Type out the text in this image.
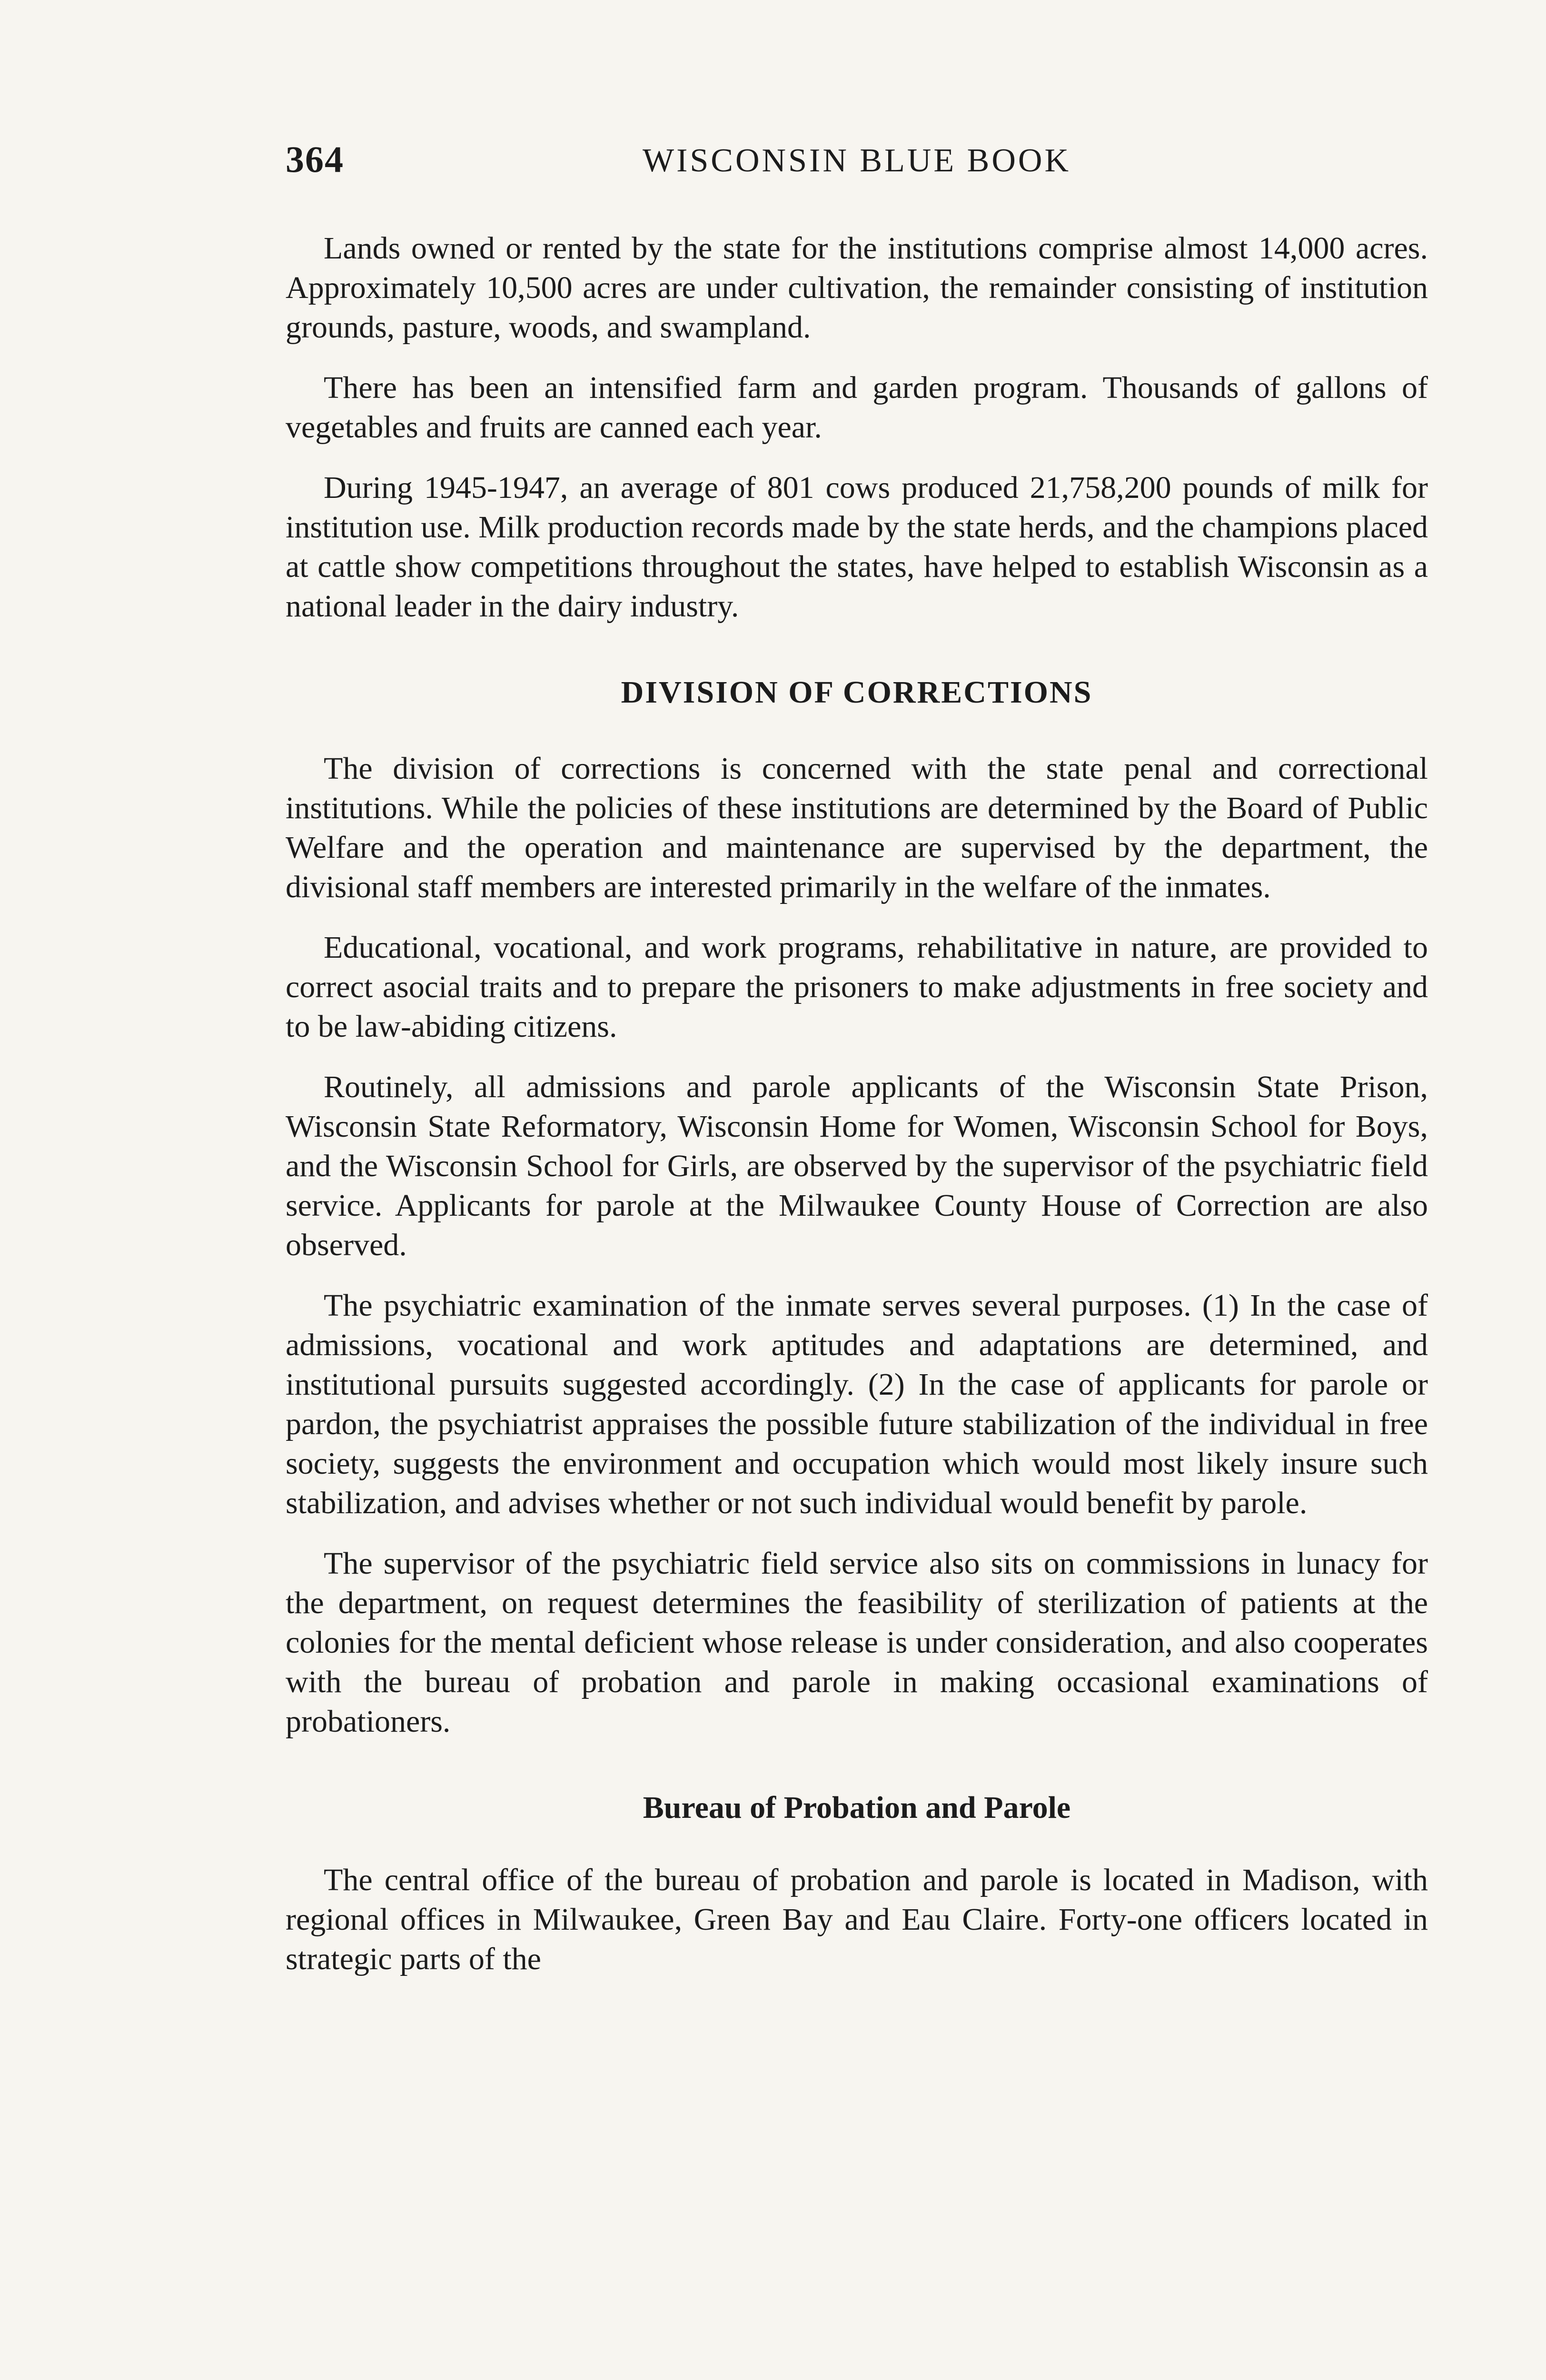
364	WISCONSIN BLUE BOOK

Lands owned or rented by the state for the institutions comprise almost 14,000 acres. Approximately 10,500 acres are under cultivation, the remainder consisting of institution grounds, pasture, woods, and swampland.

There has been an intensified farm and garden program. Thousands of gallons of vegetables and fruits are canned each year.

During 1945-1947, an average of 801 cows produced 21,758,200 pounds of milk for institution use. Milk production records made by the state herds, and the champions placed at cattle show competitions throughout the states, have helped to establish Wisconsin as a national leader in the dairy industry.

DIVISION OF CORRECTIONS

The division of corrections is concerned with the state penal and correctional institutions. While the policies of these institutions are determined by the Board of Public Welfare and the operation and maintenance are supervised by the department, the divisional staff members are interested primarily in the welfare of the inmates.

Educational, vocational, and work programs, rehabilitative in nature, are provided to correct asocial traits and to prepare the prisoners to make adjustments in free society and to be law-abiding citizens.

Routinely, all admissions and parole applicants of the Wisconsin State Prison, Wisconsin State Reformatory, Wisconsin Home for Women, Wisconsin School for Boys, and the Wisconsin School for Girls, are observed by the supervisor of the psychiatric field service. Applicants for parole at the Milwaukee County House of Correction are also observed.

The psychiatric examination of the inmate serves several purposes. (1) In the case of admissions, vocational and work aptitudes and adaptations are determined, and institutional pursuits suggested accordingly. (2) In the case of applicants for parole or pardon, the psychiatrist appraises the possible future stabilization of the individual in free society, suggests the environment and occupation which would most likely insure such stabilization, and advises whether or not such individual would benefit by parole.

The supervisor of the psychiatric field service also sits on commissions in lunacy for the department, on request determines the feasibility of sterilization of patients at the colonies for the mental deficient whose release is under consideration, and also cooperates with the bureau of probation and parole in making occasional examinations of probationers.

Bureau of Probation and Parole

The central office of the bureau of probation and parole is located in Madison, with regional offices in Milwaukee, Green Bay and Eau Claire. Forty-one officers located in strategic parts of the
